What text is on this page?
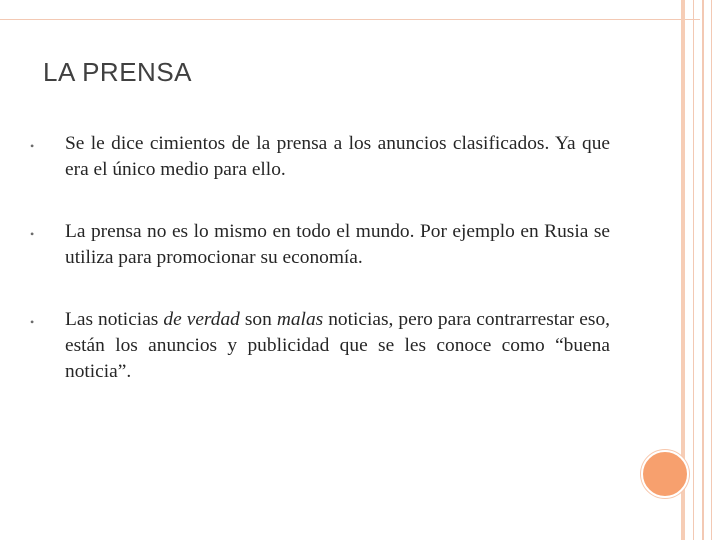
LA PRENSA
•	Se le dice cimientos de la prensa a los anuncios clasificados. Ya que era el único medio para ello.
•	La prensa no es lo mismo en todo el mundo. Por ejemplo en Rusia se utiliza para promocionar su economía.
•	Las noticias de verdad son malas noticias, pero para contrarrestar eso, están los anuncios y publicidad que se les conoce como “buena noticia”.
